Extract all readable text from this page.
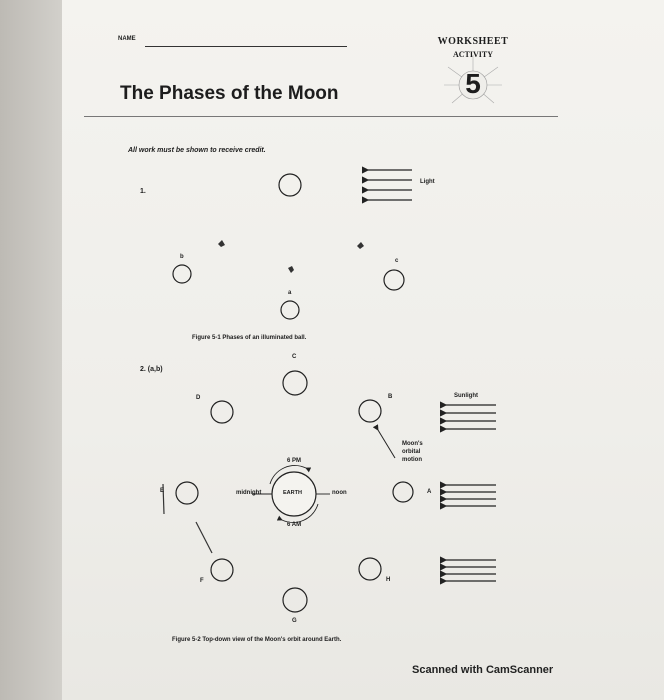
NAME	WORKSHEET
ACTIVITY
5
The Phases of the Moon
All work must be shown to receive credit.
1.
Light
b
a
c
Figure 5-1 Phases of an illuminated ball.
2. (a,b)
C
D	B
E	A
F	H
G
Sunlight
Moon's
orbital
motion
EARTH
6 PM
6 AM
midnight	noon
Figure 5-2 Top-down view of the Moon's orbit around Earth.
Scanned with CamScanner
